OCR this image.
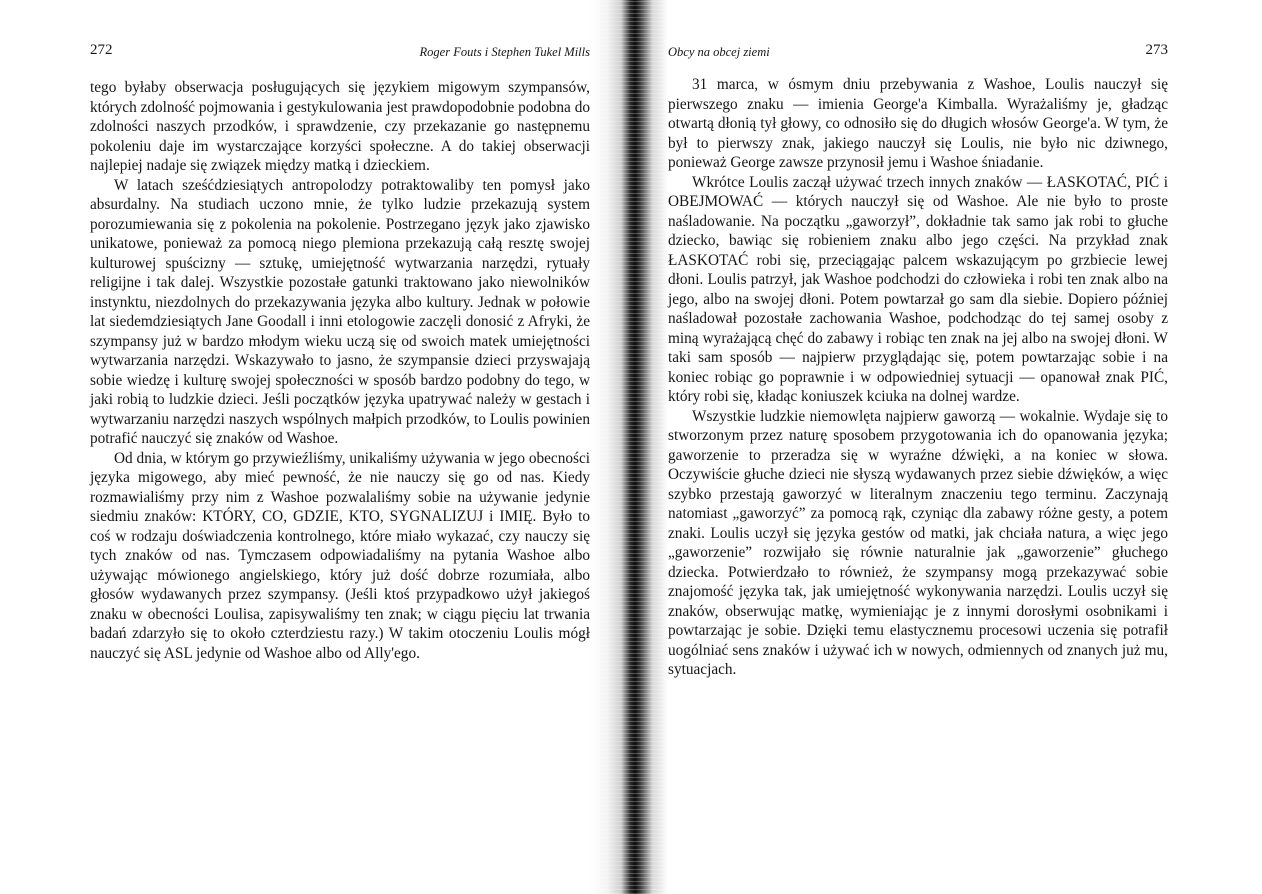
272	Roger Fouts i Stephen Tukel Mills

tego byłaby obserwacja posługujących się językiem migowym szympansów, których zdolność pojmowania i gestykulowania jest prawdopodobnie podobna do zdolności naszych przodków, i sprawdzenie, czy przekazanie go następnemu pokoleniu daje im wystarczające korzyści społeczne. A do takiej obserwacji najlepiej nadaje się związek między matką i dzieckiem.

W latach sześćdziesiątych antropolodzy potraktowaliby ten pomysł jako absurdalny. Na studiach uczono mnie, że tylko ludzie przekazują system porozumiewania się z pokolenia na pokolenie. Postrzegano język jako zjawisko unikatowe, ponieważ za pomocą niego plemiona przekazują całą resztę swojej kulturowej spuścizny — sztukę, umiejętność wytwarzania narzędzi, rytuały religijne i tak dalej. Wszystkie pozostałe gatunki traktowano jako niewolników instynktu, niezdolnych do przekazywania języka albo kultury. Jednak w połowie lat siedemdziesiątych Jane Goodall i inni etologowie zaczęli donosić z Afryki, że szympansy już w bardzo młodym wieku uczą się od swoich matek umiejętności wytwarzania narzędzi. Wskazywało to jasno, że szympansie dzieci przyswajają sobie wiedzę i kulturę swojej społeczności w sposób bardzo podobny do tego, w jaki robią to ludzkie dzieci. Jeśli początków języka upatrywać należy w gestach i wytwarzaniu narzędzi naszych wspólnych małpich przodków, to Loulis powinien potrafić nauczyć się znaków od Washoe.

Od dnia, w którym go przywieźliśmy, unikaliśmy używania w jego obecności języka migowego, aby mieć pewność, że nie nauczy się go od nas. Kiedy rozmawialiśmy przy nim z Washoe pozwalaliśmy sobie na używanie jedynie siedmiu znaków: KTÓRY, CO, GDZIE, KTO, SYGNALIZUJ i IMIĘ. Było to coś w rodzaju doświadczenia kontrolnego, które miało wykazać, czy nauczy się tych znaków od nas. Tymczasem odpowiadaliśmy na pytania Washoe albo używając mówionego angielskiego, który już dość dobrze rozumiała, albo głosów wydawanych przez szympansy. (Jeśli ktoś przypadkowo użył jakiegoś znaku w obecności Loulisa, zapisywaliśmy ten znak; w ciągu pięciu lat trwania badań zdarzyło się to około czterdziestu razy.) W takim otoczeniu Loulis mógł nauczyć się ASL jedynie od Washoe albo od Ally'ego.

Obcy na obcej ziemi	273

31 marca, w ósmym dniu przebywania z Washoe, Loulis nauczył się pierwszego znaku — imienia George'a Kimballa. Wyrażaliśmy je, gładząc otwartą dłonią tył głowy, co odnosiło się do długich włosów George'a. W tym, że był to pierwszy znak, jakiego nauczył się Loulis, nie było nic dziwnego, ponieważ George zawsze przynosił jemu i Washoe śniadanie.

Wkrótce Loulis zaczął używać trzech innych znaków — ŁASKOTAĆ, PIĆ i OBEJMOWAĆ — których nauczył się od Washoe. Ale nie było to proste naśladowanie. Na początku „gaworzył”, dokładnie tak samo jak robi to głuche dziecko, bawiąc się robieniem znaku albo jego części. Na przykład znak ŁASKOTAĆ robi się, przeciągając palcem wskazującym po grzbiecie lewej dłoni. Loulis patrzył, jak Washoe podchodzi do człowieka i robi ten znak albo na jego, albo na swojej dłoni. Potem powtarzał go sam dla siebie. Dopiero później naśladował pozostałe zachowania Washoe, podchodząc do tej samej osoby z miną wyrażającą chęć do zabawy i robiąc ten znak na jej albo na swojej dłoni. W taki sam sposób — najpierw przyglądając się, potem powtarzając sobie i na koniec robiąc go poprawnie i w odpowiedniej sytuacji — opanował znak PIĆ, który robi się, kładąc koniuszek kciuka na dolnej wardze.

Wszystkie ludzkie niemowlęta najpierw gaworzą — wokalnie. Wydaje się to stworzonym przez naturę sposobem przygotowania ich do opanowania języka; gaworzenie to przeradza się w wyraźne dźwięki, a na koniec w słowa. Oczywiście głuche dzieci nie słyszą wydawanych przez siebie dźwięków, a więc szybko przestają gaworzyć w literalnym znaczeniu tego terminu. Zaczynają natomiast „gaworzyć” za pomocą rąk, czyniąc dla zabawy różne gesty, a potem znaki. Loulis uczył się języka gestów od matki, jak chciała natura, a więc jego „gaworzenie” rozwijało się równie naturalnie jak „gaworzenie” głuchego dziecka. Potwierdzało to również, że szympansy mogą przekazywać sobie znajomość języka tak, jak umiejętność wykonywania narzędzi. Loulis uczył się znaków, obserwując matkę, wymieniając je z innymi dorosłymi osobnikami i powtarzając je sobie. Dzięki temu elastycznemu procesowi uczenia się potrafił uogólniać sens znaków i używać ich w nowych, odmiennych od znanych już mu, sytuacjach.
